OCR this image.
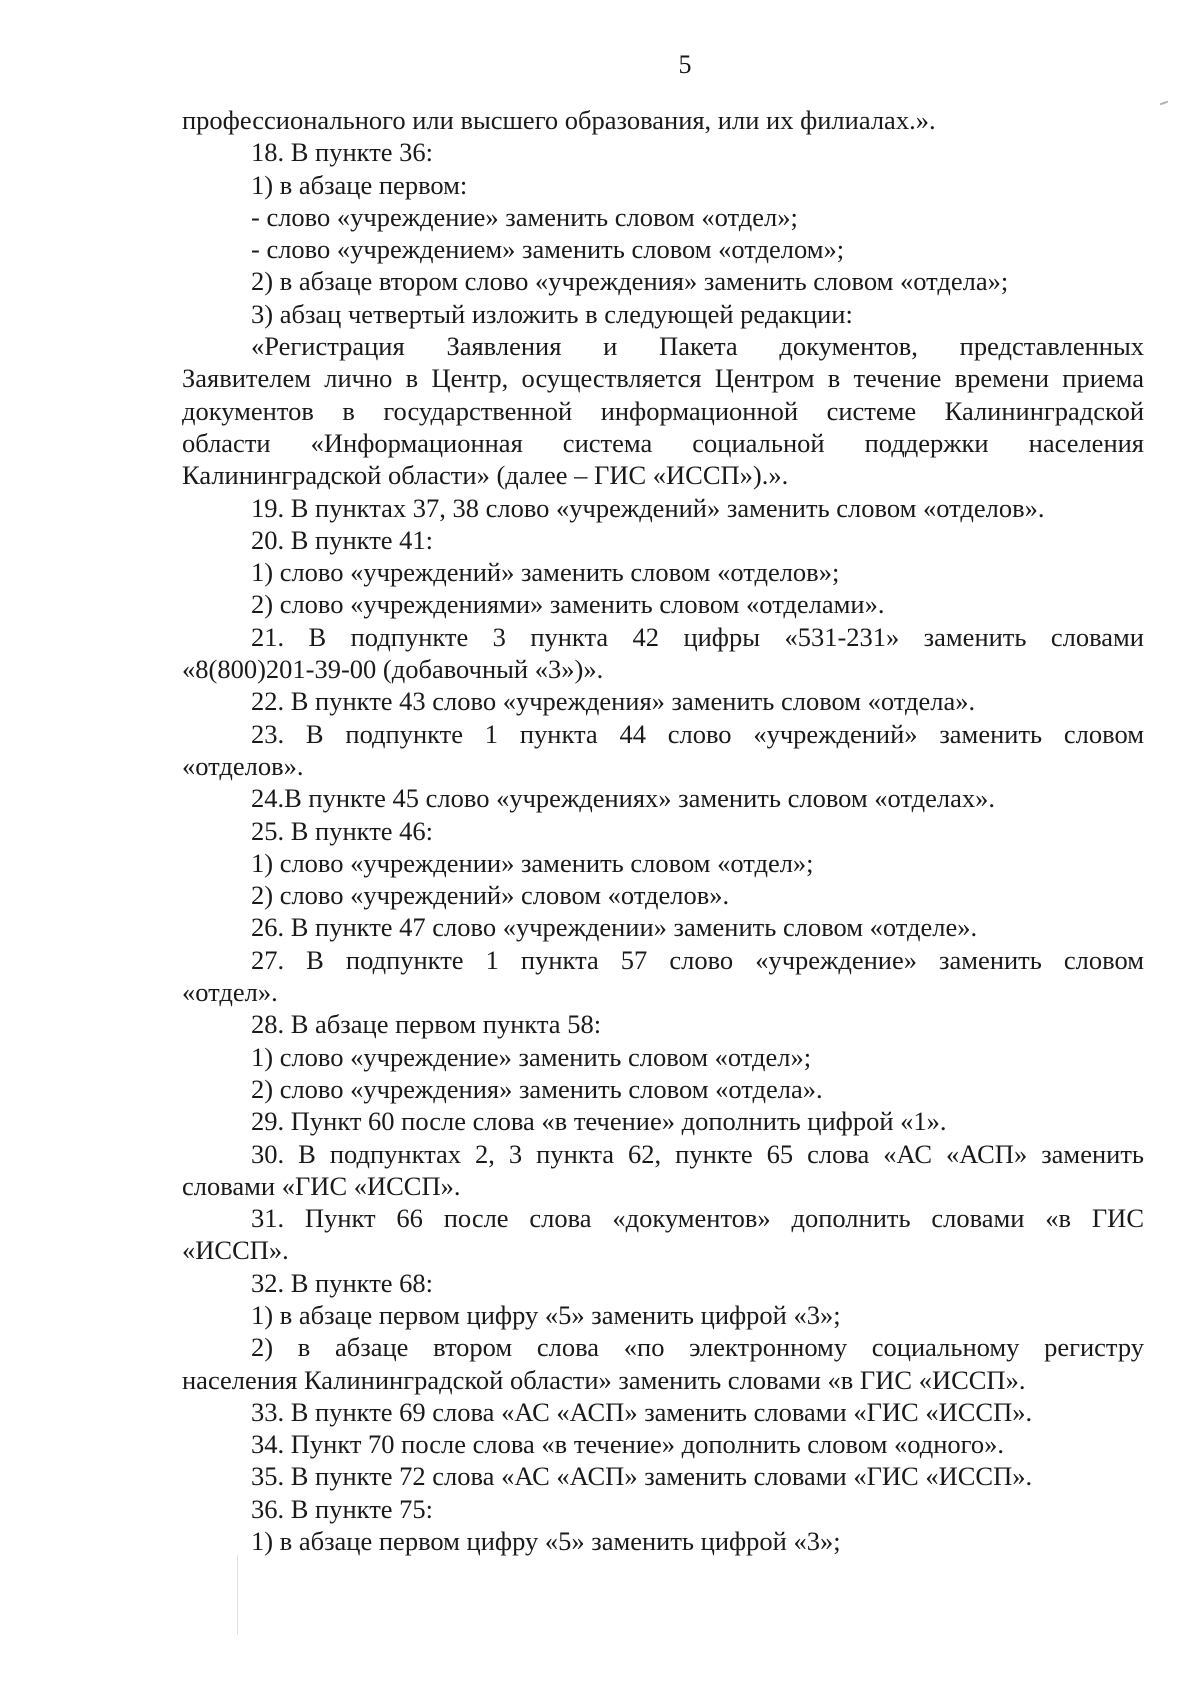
5
профессионального или высшего образования, или их филиалах.».
18. В пункте 36:
1) в абзаце первом:
- слово «учреждение» заменить словом «отдел»;
- слово «учреждением» заменить словом «отделом»;
2) в абзаце втором слово «учреждения» заменить словом «отдела»;
3) абзац четвертый изложить в следующей редакции:
«Регистрация Заявления и Пакета документов, представленных
Заявителем лично в Центр, осуществляется Центром в течение времени приема
документов в государственной информационной системе Калининградской
области «Информационная система социальной поддержки населения
Калининградской области» (далее – ГИС «ИССП»).».
19. В пунктах 37, 38 слово «учреждений» заменить словом «отделов».
20. В пункте 41:
1) слово «учреждений» заменить словом «отделов»;
2) слово «учреждениями» заменить словом «отделами».
21. В подпункте 3 пункта 42 цифры «531-231» заменить словами
«8(800)201-39-00 (добавочный «3»)».
22. В пункте 43 слово «учреждения» заменить словом «отдела».
23. В подпункте 1 пункта 44 слово «учреждений» заменить словом
«отделов».
24.В пункте 45 слово «учреждениях» заменить словом «отделах».
25. В пункте 46:
1) слово «учреждении» заменить словом «отдел»;
2) слово «учреждений» словом «отделов».
26. В пункте 47 слово «учреждении» заменить словом «отделе».
27. В подпункте 1 пункта 57 слово «учреждение» заменить словом
«отдел».
28. В абзаце первом пункта 58:
1) слово «учреждение» заменить словом «отдел»;
2) слово «учреждения» заменить словом «отдела».
29. Пункт 60 после слова «в течение» дополнить цифрой «1».
30. В подпунктах 2, 3 пункта 62, пункте 65 слова «АС «АСП» заменить
словами «ГИС «ИССП».
31. Пункт 66 после слова «документов» дополнить словами «в ГИС
«ИССП».
32. В пункте 68:
1) в абзаце первом цифру «5» заменить цифрой «3»;
2) в абзаце втором слова «по электронному социальному регистру
населения Калининградской области» заменить словами «в ГИС «ИССП».
33. В пункте 69 слова «АС «АСП» заменить словами «ГИС «ИССП».
34. Пункт 70 после слова «в течение» дополнить словом «одного».
35. В пункте 72 слова «АС «АСП» заменить словами «ГИС «ИССП».
36. В пункте 75:
1) в абзаце первом цифру «5» заменить цифрой «3»;
